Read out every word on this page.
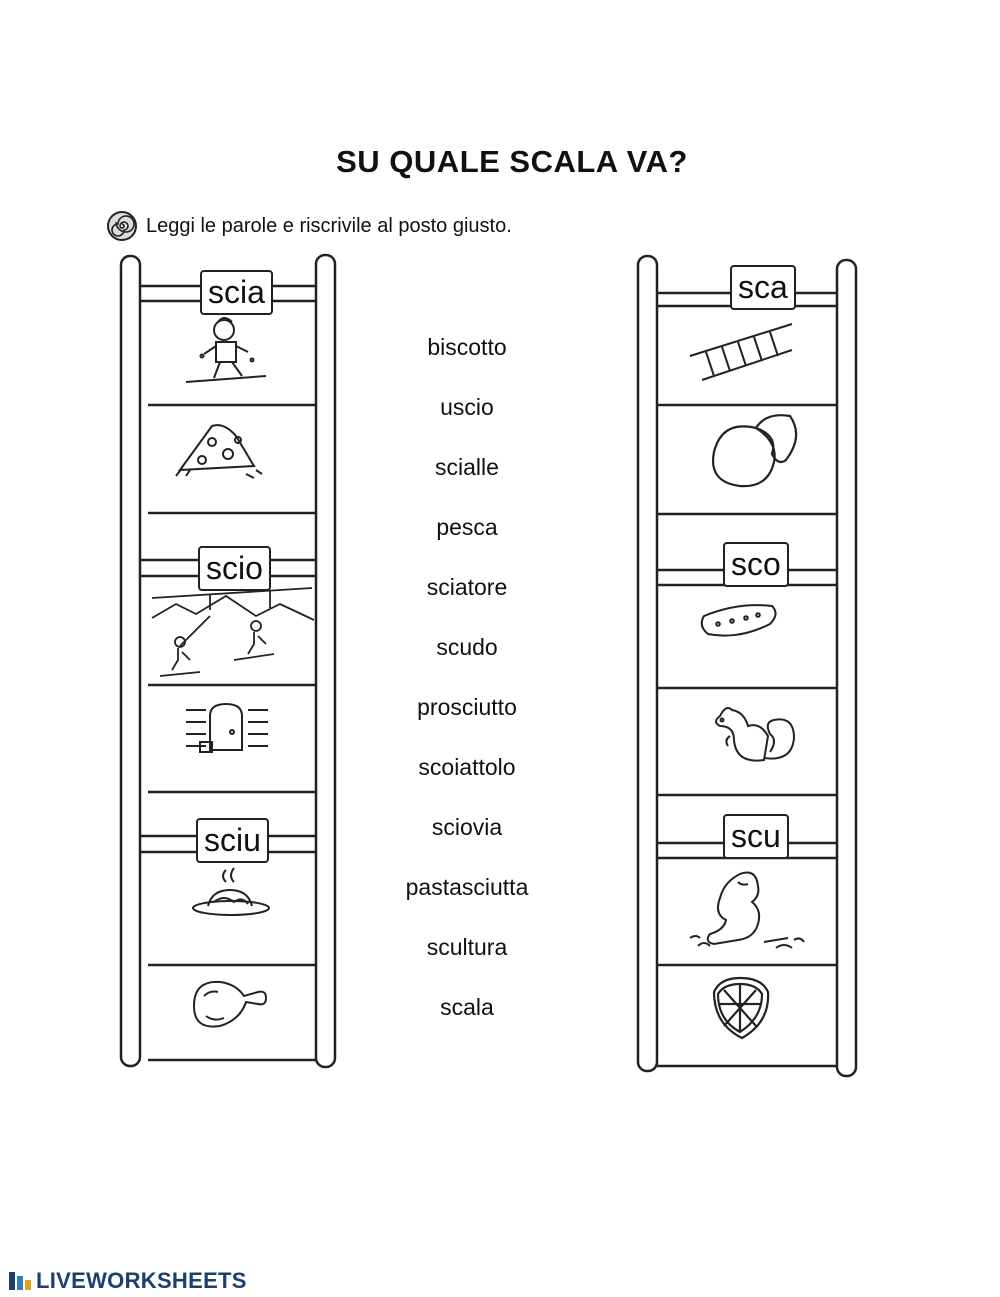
SU QUALE SCALA VA?
Leggi le parole e riscrivile al posto giusto.
scia
scio
sciu
sca
sco
scu
biscotto
uscio
scialle
pesca
sciatore
scudo
prosciutto
scoiattolo
sciovia
pastasciutta
scultura
scala
LIVEWORKSHEETS
